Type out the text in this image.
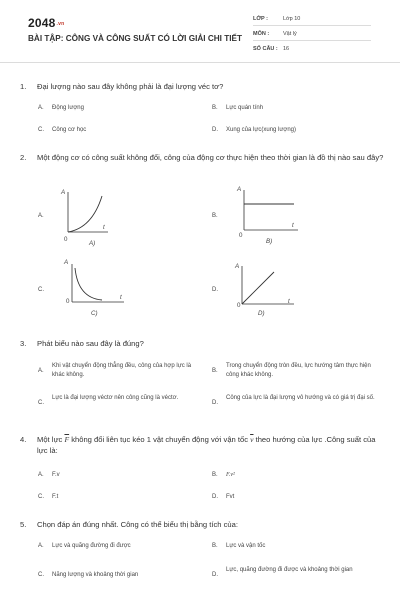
2048.vn
BÀI TẬP: CÔNG VÀ CÔNG SUẤT CÓ LỜI GIẢI CHI TIẾT
LỚP :	Lớp 10
MÔN :	Vật lý
SỐ CÂU : 16
1. Đại lượng nào sau đây không phải là đại lượng véc tơ?
A. Động lượng	B. Lực quán tính
C. Công cơ học	D. Xung của lực(xung lượng)
2. Một động cơ có công suất không đổi, công của động cơ thực hiện theo thời gian là đồ thị nào sau đây?
A.
A
t
0
A)
B.
A
t
0
B)
C.
A
t
0
C)
D.
A
t
0
D)
3. Phát biểu nào sau đây là đúng?
A.
Khi vật chuyển động thẳng đều, công của hợp lực là khác không.
B.
Trong chuyển động tròn đều, lực hướng tâm thực hiện công khác không.
C.
Lực là đại lượng véctơ nên công cũng là véctơ.
D.
Công của lực là đại lượng vô hướng và có giá trị đại số.
4. Một lực $\overline{F}$ không đổi liên tục kéo 1 vật chuyển động với vận tốc $\overline{v}$ theo hướng của lực .Công suất của lực là:
A. F.v	B. F.v²
C. F.t	D. Fvt
5. Chọn đáp án đúng nhất. Công có thể biểu thị bằng tích của:
A. Lực và quãng đường đi được	B. Lực và vận tốc
C. Năng lượng và khoảng thời gian	D.
Lực, quãng đường đi được và khoảng thời gian
